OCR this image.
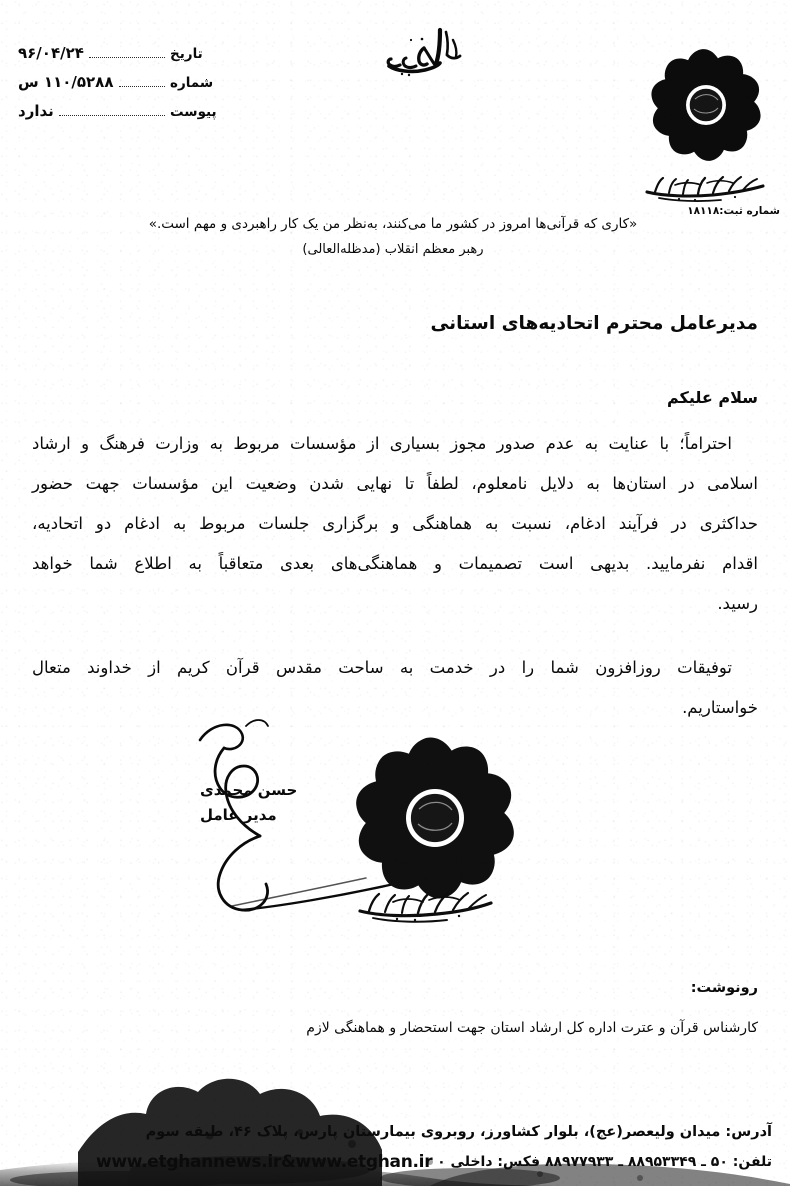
تاریخ
۹۶/۰۴/۲۴
شماره
۱۱۰/۵۲۸۸ س
پیوست
ندارد
شماره ثبت:۱۸۱۱۸
«کاری که قرآنی‌ها امروز در کشور ما می‌کنند، بەنظر من یک کار راهبردی و مهم است.»
رهبر معظم انقلاب (مدظله‌العالی)
مدیرعامل محترم اتحادیه‌های استانی
سلام علیکم

احتراماً؛ با عنایت به عدم صدور مجوز بسیاری از مؤسسات مربوط به وزارت فرهنگ و ارشاد

اسلامی در استان‌ها به دلایل نامعلوم، لطفاً تا نهایی شدن وضعیت این مؤسسات جهت حضور

حداکثری در فرآیند ادغام، نسبت به هماهنگی و برگزاری جلسات مربوط به ادغام دو اتحادیه،

اقدام نفرمایید. بدیهی است تصمیمات و هماهنگی‌های بعدی متعاقباً به اطلاع شما خواهد

رسید.

توفیقات روزافزون شما را در خدمت به ساحت مقدس قرآن کریم از خداوند متعال

خواستاریم.

حسن محمدی
مدیر عامل
رونوشت:
کارشناس قرآن و عترت اداره کل ارشاد استان جهت استحضار و هماهنگی لازم
آدرس: میدان ولیعصر(عج)، بلوار کشاورز، روبروی بیمارستان پارس، پلاک ۴۶، طبقه سوم
تلفن: ۵۰ ـ ۸۸۹۵۳۳۴۹ ـ ۸۸۹۷۷۹۳۳ فکس: داخلی ۰
www.etghannews.ir&www.etghan.ir
